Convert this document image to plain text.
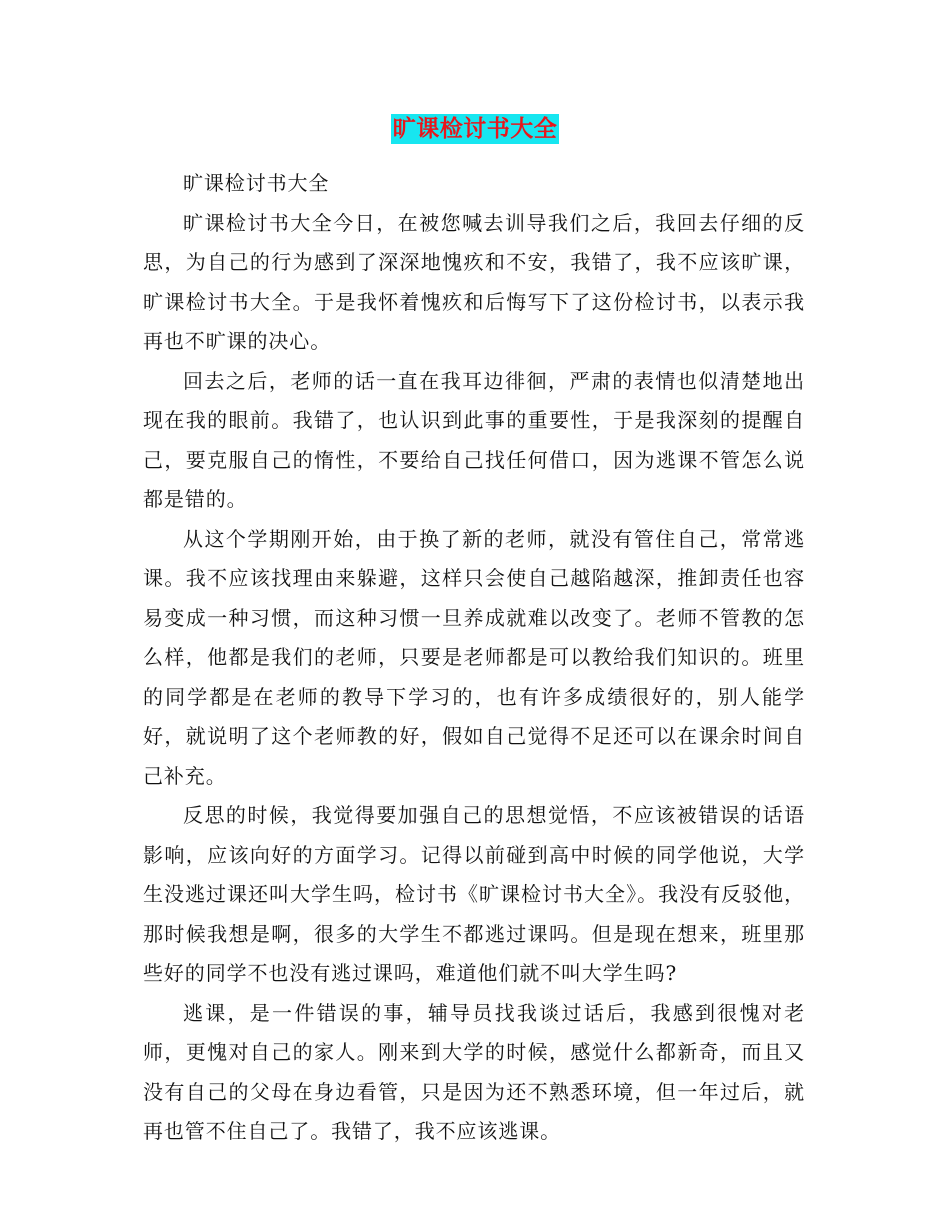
旷课检讨书大全

旷课检讨书大全

旷课检讨书大全今日，在被您喊去训导我们之后，我回去仔细的反思，为自己的行为感到了深深地愧疚和不安，我错了，我不应该旷课，旷课检讨书大全。于是我怀着愧疚和后悔写下了这份检讨书，以表示我再也不旷课的决心。

回去之后，老师的话一直在我耳边徘徊，严肃的表情也似清楚地出现在我的眼前。我错了，也认识到此事的重要性，于是我深刻的提醒自己，要克服自己的惰性，不要给自己找任何借口，因为逃课不管怎么说都是错的。

从这个学期刚开始，由于换了新的老师，就没有管住自己，常常逃课。我不应该找理由来躲避，这样只会使自己越陷越深，推卸责任也容易变成一种习惯，而这种习惯一旦养成就难以改变了。老师不管教的怎么样，他都是我们的老师，只要是老师都是可以教给我们知识的。班里的同学都是在老师的教导下学习的，也有许多成绩很好的，别人能学好，就说明了这个老师教的好，假如自己觉得不足还可以在课余时间自己补充。

反思的时候，我觉得要加强自己的思想觉悟，不应该被错误的话语影响，应该向好的方面学习。记得以前碰到高中时候的同学他说，大学生没逃过课还叫大学生吗，检讨书《旷课检讨书大全》。我没有反驳他，那时候我想是啊，很多的大学生不都逃过课吗。但是现在想来，班里那些好的同学不也没有逃过课吗，难道他们就不叫大学生吗?

逃课，是一件错误的事，辅导员找我谈过话后，我感到很愧对老师，更愧对自己的家人。刚来到大学的时候，感觉什么都新奇，而且又没有自己的父母在身边看管，只是因为还不熟悉环境，但一年过后，就再也管不住自己了。我错了，我不应该逃课。
